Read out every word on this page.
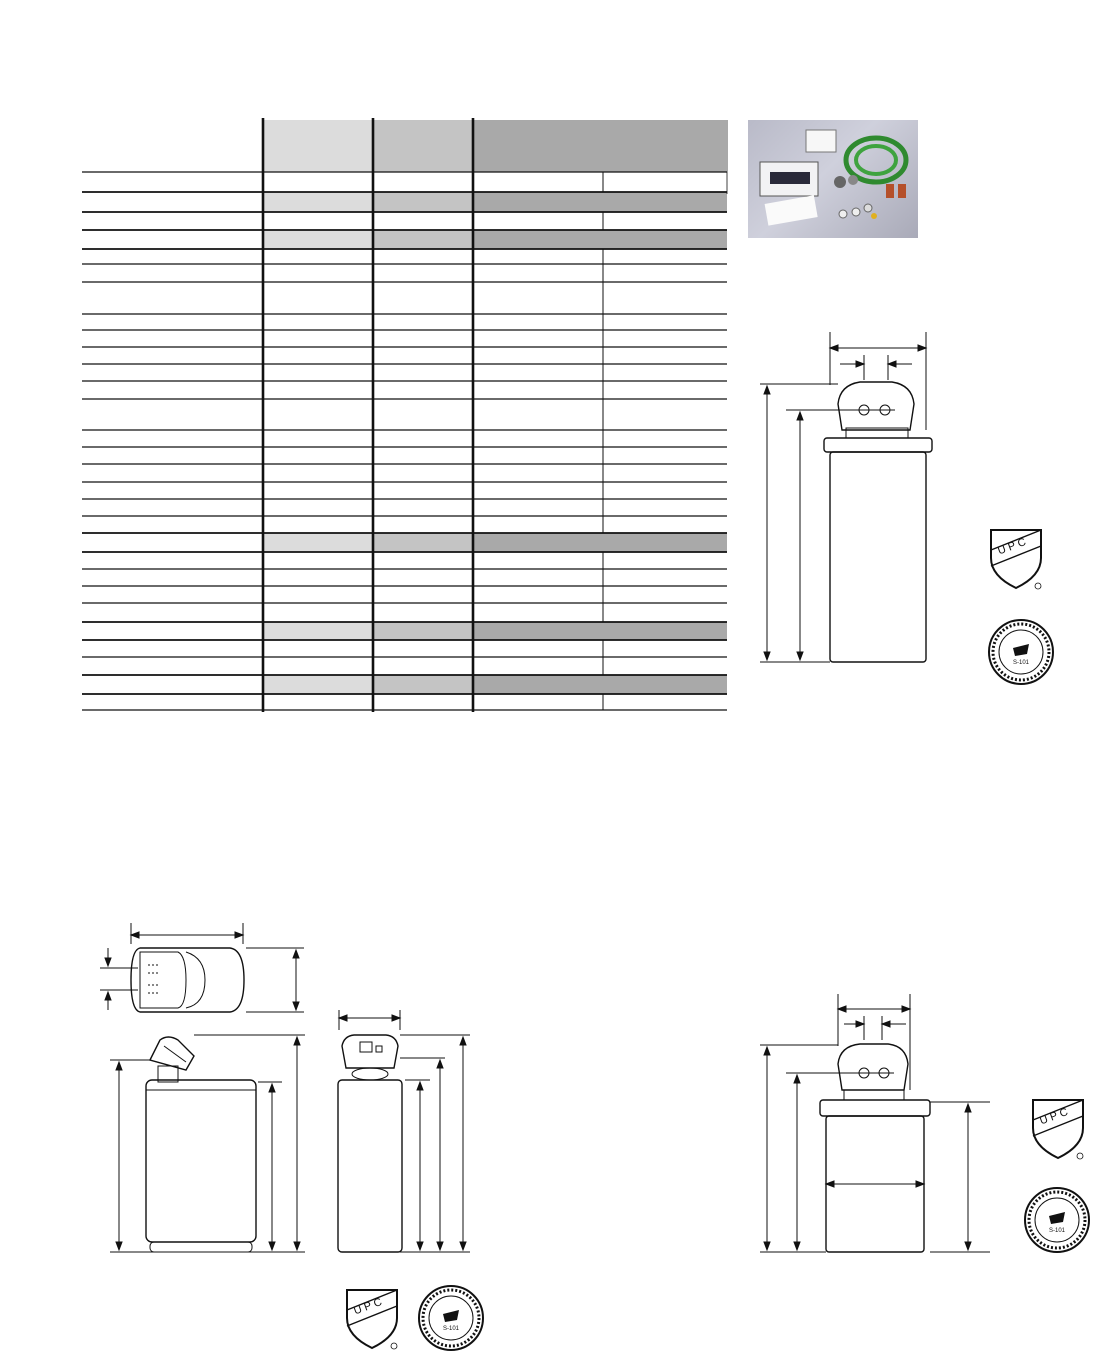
U P C
S-101
U P C
S-101
U P C
S-101
